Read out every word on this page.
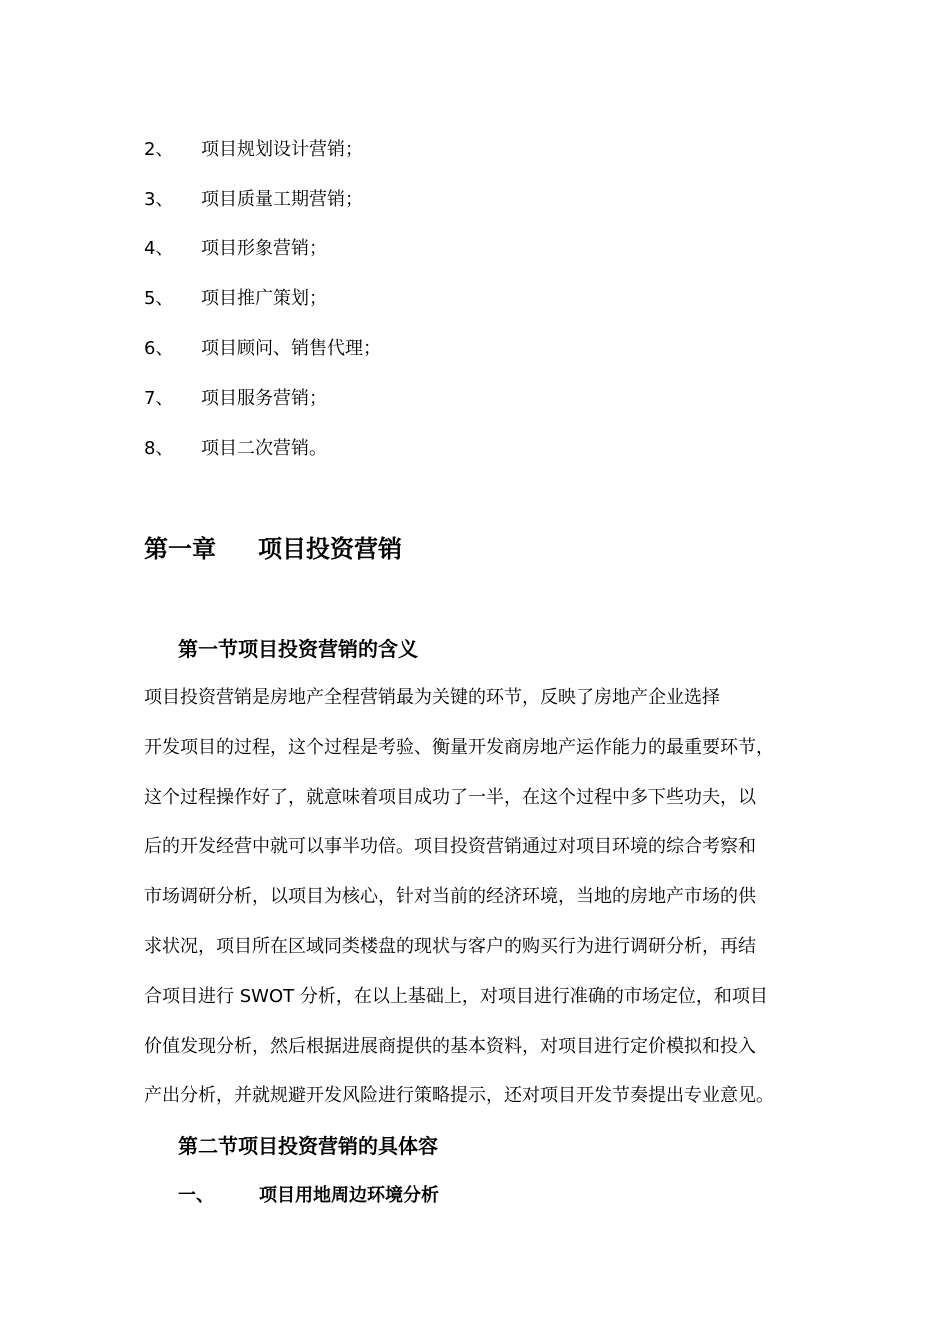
2、 项目规划设计营销；
3、 项目质量工期营销；
4、 项目形象营销；
5、 项目推广策划；
6、 项目顾问、销售代理；
7、 项目服务营销；
8、 项目二次营销。
第一章 项目投资营销
第一节项目投资营销的含义
项目投资营销是房地产全程营销最为关键的环节，反映了房地产企业选择
开发项目的过程，这个过程是考验、衡量开发商房地产运作能力的最重要环节，
这个过程操作好了，就意味着项目成功了一半，在这个过程中多下些功夫，以
后的开发经营中就可以事半功倍。项目投资营销通过对项目环境的综合考察和
市场调研分析，以项目为核心，针对当前的经济环境，当地的房地产市场的供
求状况，项目所在区域同类楼盘的现状与客户的购买行为进行调研分析，再结
合项目进行 SWOT 分析，在以上基础上，对项目进行准确的市场定位，和项目
价值发现分析，然后根据进展商提供的基本资料，对项目进行定价模拟和投入
产出分析，并就规避开发风险进行策略提示，还对项目开发节奏提出专业意见。
第二节项目投资营销的具体容
一、	项目用地周边环境分析
